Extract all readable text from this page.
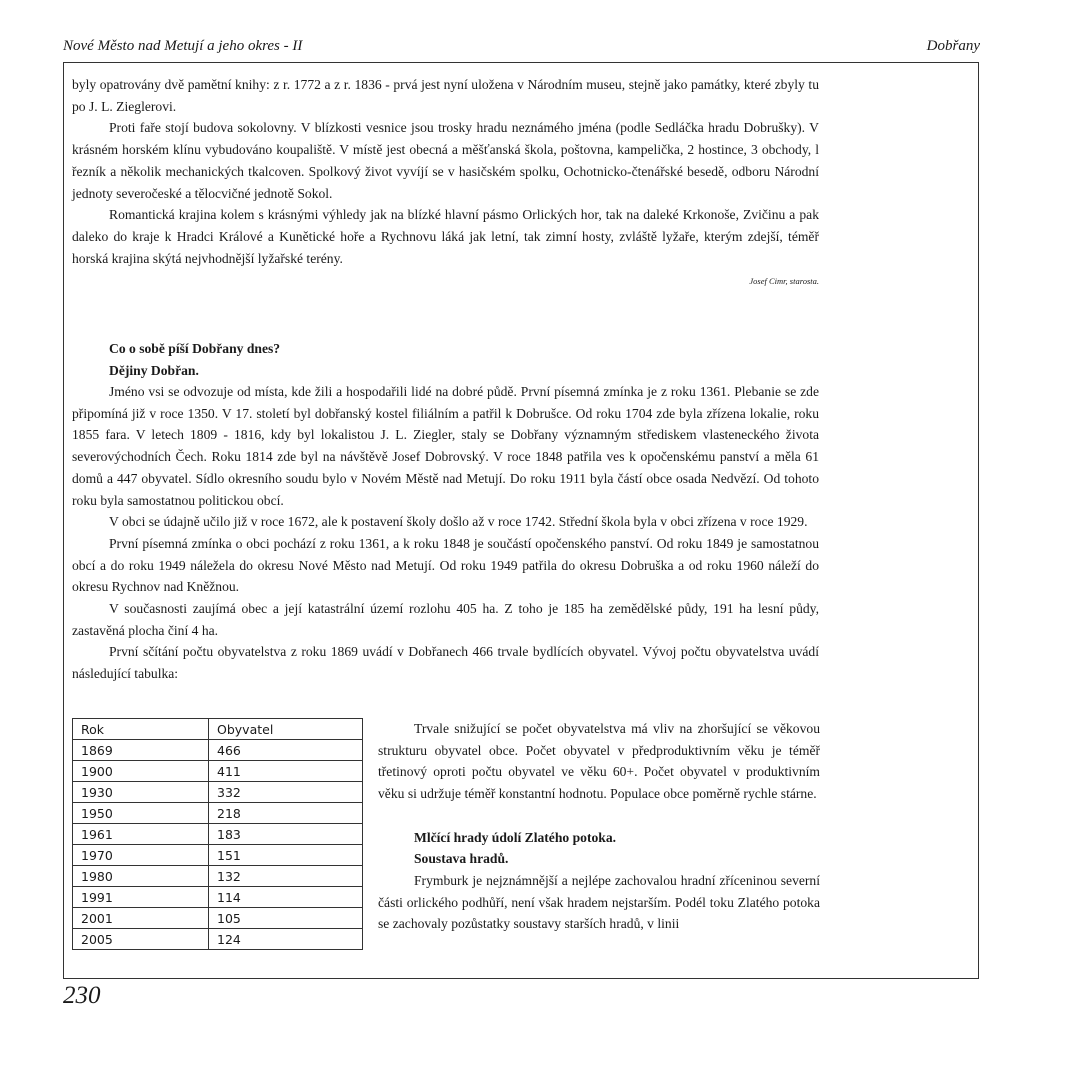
Nové Město nad Metují a jeho okres - II	Dobřany

byly opatrovány dvě pamětní knihy: z r. 1772 a z r. 1836 - prvá jest nyní uložena v Národním museu, stejně jako památky, které zbyly tu po J. L. Zieglerovi.

Proti faře stojí budova sokolovny. V blízkosti vesnice jsou trosky hradu neznámého jména (podle Sedláčka hradu Dobrušky). V krásném horském klínu vybudováno koupaliště. V místě jest obecná a měšťanská škola, poštovna, kampelička, 2 hostince, 3 obchody, l řezník a několik mechanických tkalcoven. Spolkový život vyvíjí se v hasičském spolku, Ochotnicko-čtenářské besedě, odboru Národní jednoty severočeské a tělocvičné jednotě Sokol.

Romantická krajina kolem s krásnými výhledy jak na blízké hlavní pásmo Orlických hor, tak na daleké Krkonoše, Zvičinu a pak daleko do kraje k Hradci Králové a Kunětické hoře a Rychnovu láká jak letní, tak zimní hosty, zvláště lyžaře, kterým zdejší, téměř horská krajina skýtá nejvhodnější lyžařské terény.

Josef Cimr, starosta.
Co o sobě píší Dobřany dnes?
Dějiny Dobřan.

Jméno vsi se odvozuje od místa, kde žili a hospodařili lidé na dobré půdě. První písemná zmínka je z roku 1361. Plebanie se zde připomíná již v roce 1350. V 17. století byl dobřanský kostel filiálním a patřil k Dobrušce. Od roku 1704 zde byla zřízena lokalie, roku 1855 fara. V letech 1809 - 1816, kdy byl lokalistou J. L. Ziegler, staly se Dobřany významným střediskem vlasteneckého života severovýchodních Čech. Roku 1814 zde byl na návštěvě Josef Dobrovský. V roce 1848 patřila ves k opočenskému panství a měla 61 domů a 447 obyvatel. Sídlo okresního soudu bylo v Novém Městě nad Metují. Do roku 1911 byla částí obce osada Nedvězí. Od tohoto roku byla samostatnou politickou obcí.

V obci se údajně učilo již v roce 1672, ale k postavení školy došlo až v roce 1742. Střední škola byla v obci zřízena v roce 1929.

První písemná zmínka o obci pochází z roku 1361, a k roku 1848 je součástí opočenského panství. Od roku 1849 je samostatnou obcí a do roku 1949 náležela do okresu Nové Město nad Metují. Od roku 1949 patřila do okresu Dobruška a od roku 1960 náleží do okresu Rychnov nad Kněžnou.

V současnosti zaujímá obec a její katastrální území rozlohu 405 ha. Z toho je 185 ha zemědělské půdy, 191 ha lesní půdy, zastavěná plocha činí 4 ha.

První sčítání počtu obyvatelstva z roku 1869 uvádí v Dobřanech 466 trvale bydlících obyvatel. Vývoj počtu obyvatelstva uvádí následující tabulka:

Rok	Obyvatel
1869	466
1900	411
1930	332
1950	218
1961	183
1970	151
1980	132
1991	114
2001	105
2005	124

Trvale snižující se počet obyvatelstva má vliv na zhoršující se věkovou strukturu obyvatel obce. Počet obyvatel v předproduktivním věku je téměř třetinový oproti počtu obyvatel ve věku 60+. Počet obyvatel v produktivním věku si udržuje téměř konstantní hodnotu. Populace obce poměrně rychle stárne.

Mlčící hrady údolí Zlatého potoka.

Soustava hradů.

Frymburk je nejznámnější a nejlépe zachovalou hradní zříceninou severní části orlického podhůří, není však hradem nejstarším. Podél toku Zlatého potoka se zachovaly pozůstatky soustavy starších hradů, v linii

230
